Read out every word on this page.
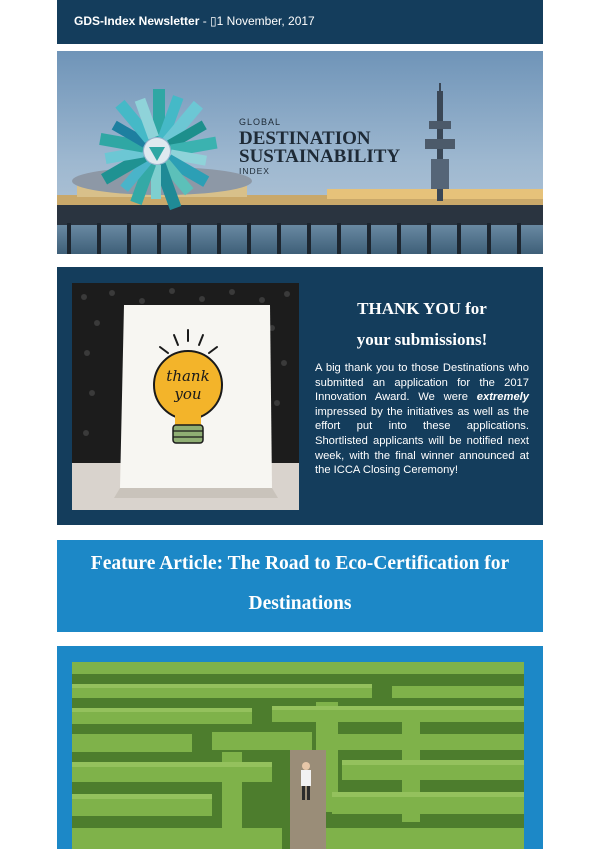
GDS-Index Newsletter - ▯1 November, 2017
GLOBAL
DESTINATION
SUSTAINABILITY
INDEX
thank
you
THANK YOU for
your submissions!

A big thank you to those Destinations who submitted an application for the 2017 Innovation Award. We were extremely impressed by the initiatives as well as the effort put into these applications. Shortlisted applicants will be notified next week, with the final winner announced at the ICCA Closing Ceremony!

Feature Article: The Road to Eco-Certification for Destinations
